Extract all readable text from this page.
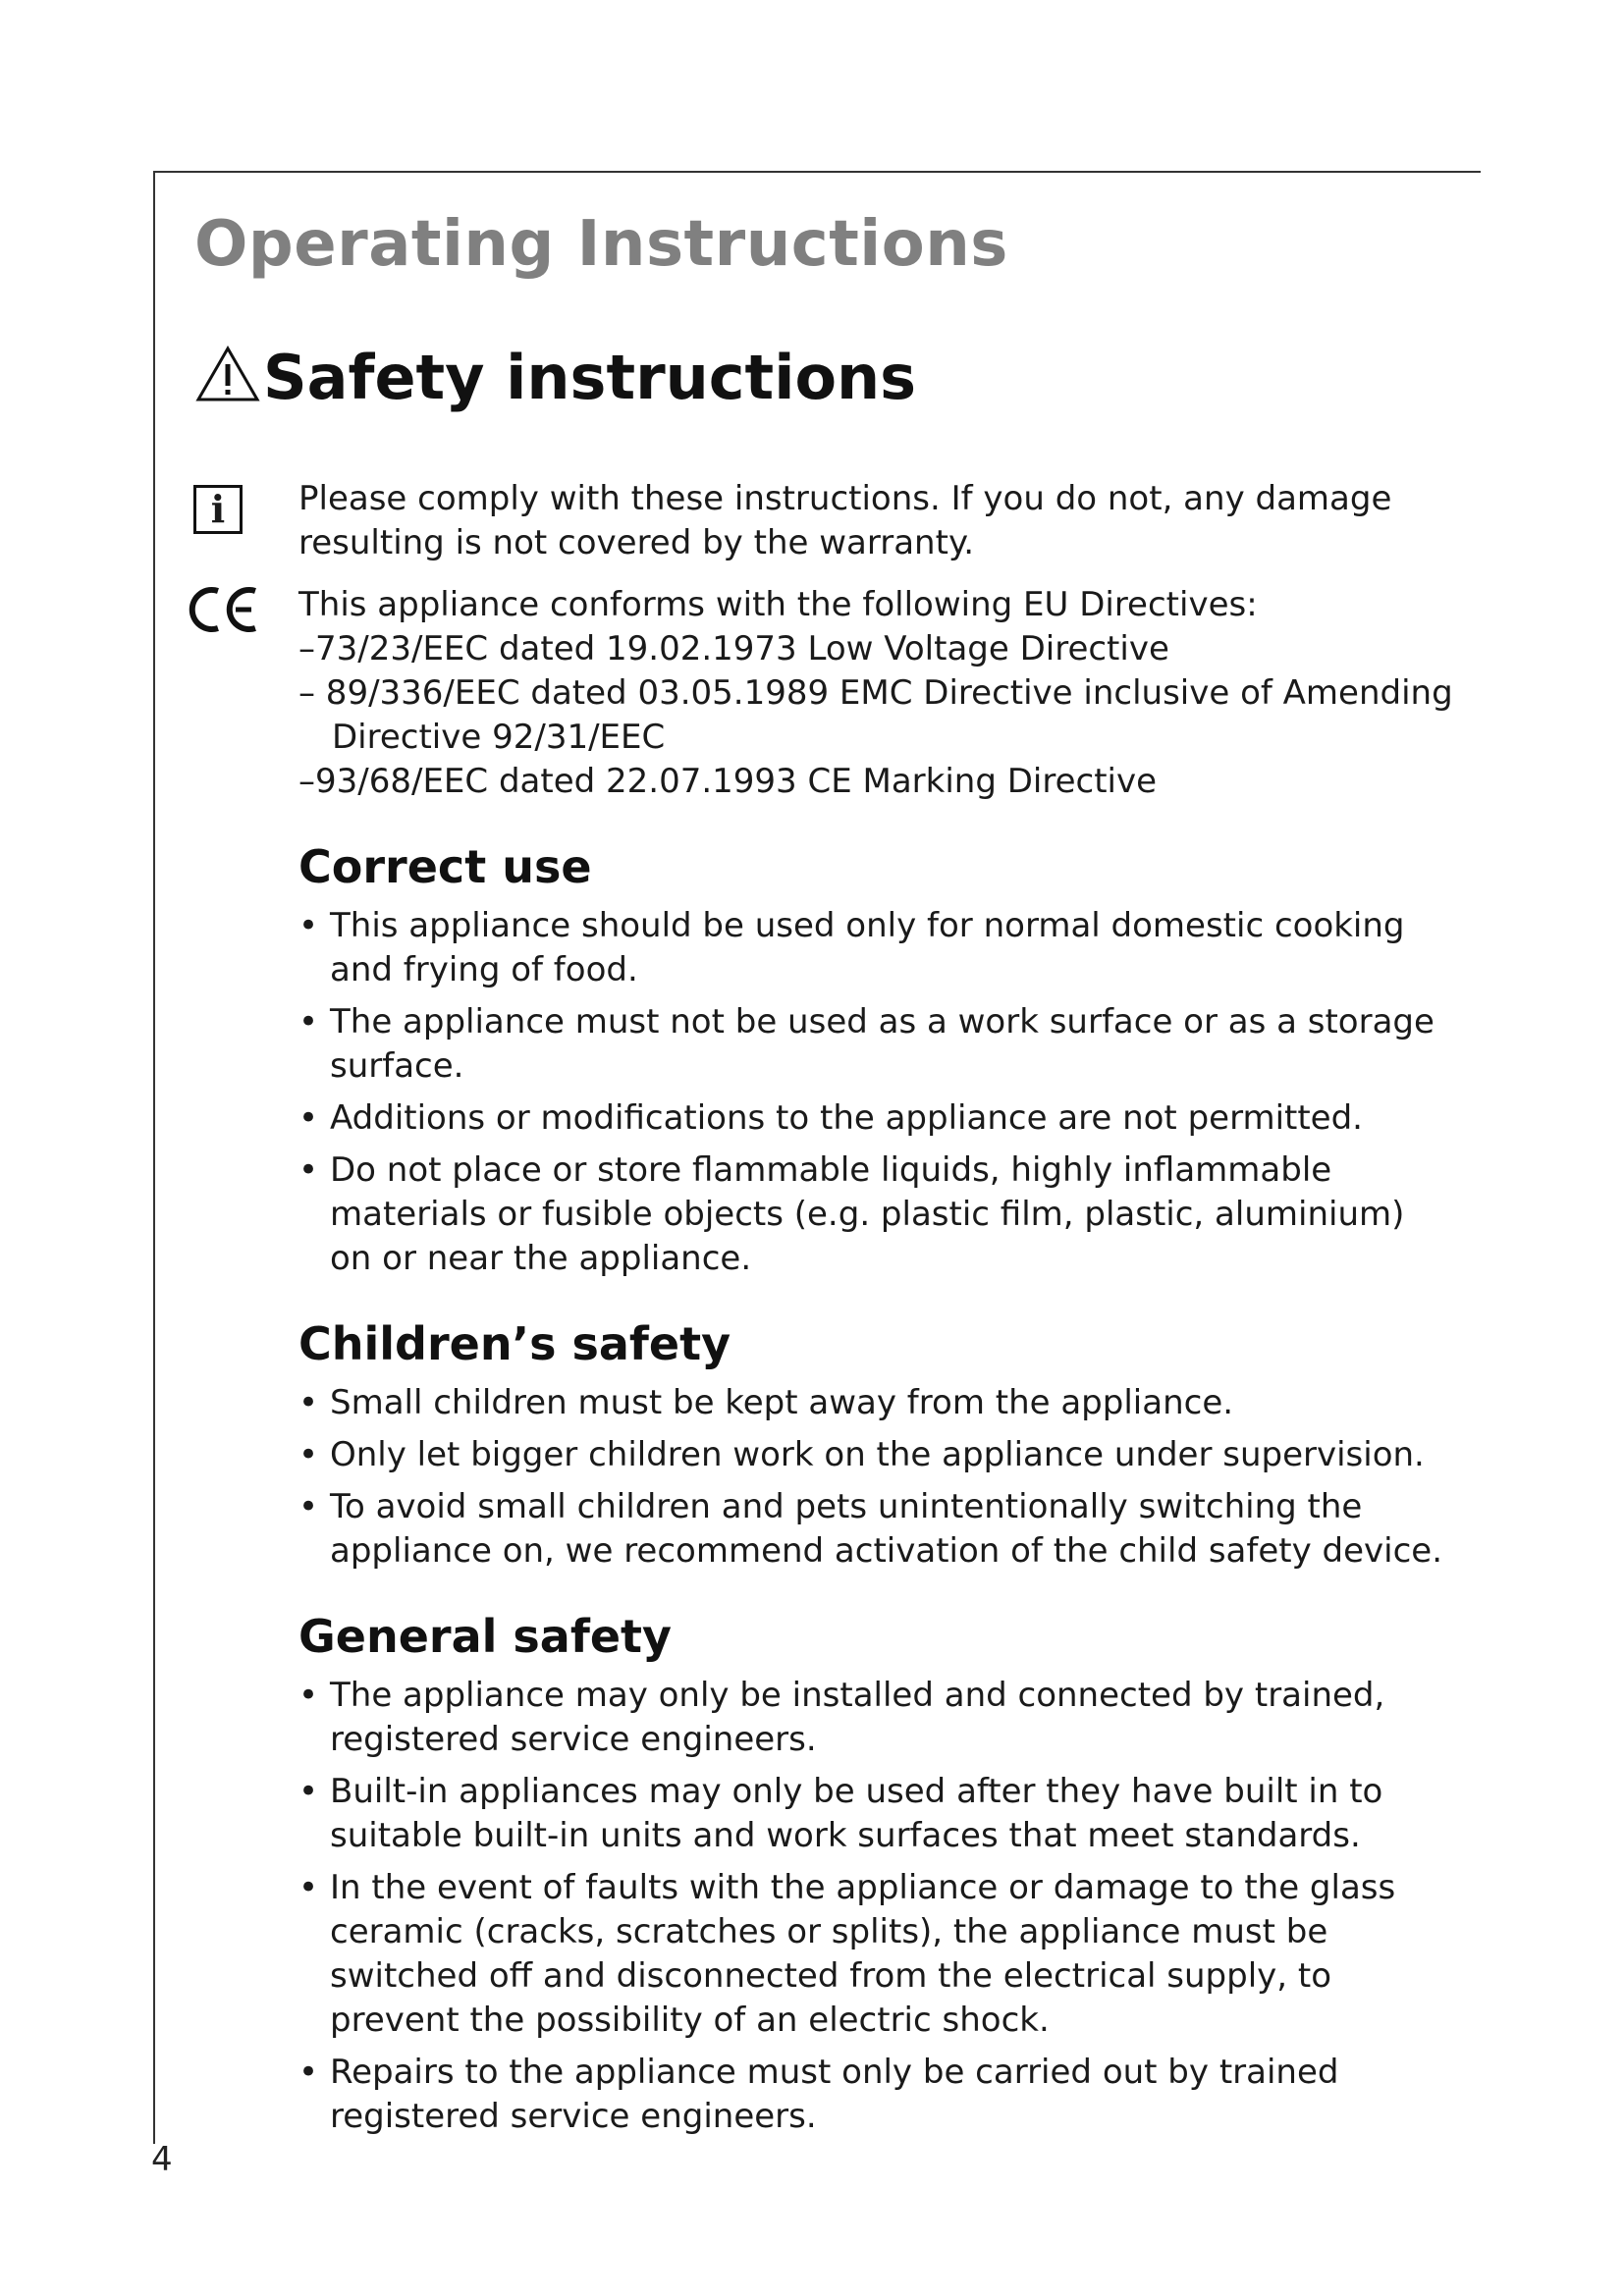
Operating Instructions
Safety instructions
i	Please comply with these instructions. If you do not, any damage resulting is not covered by the warranty.

This appliance conforms with the following EU Directives:

–73/23/EEC dated 19.02.1973 Low Voltage Directive

– 89/336/EEC dated 03.05.1989 EMC Directive inclusive of Amending

Directive 92/31/EEC

–93/68/EEC dated 22.07.1993 CE Marking Directive

Correct use
• This appliance should be used only for normal domestic cooking and frying of food.
• The appliance must not be used as a work surface or as a storage surface.
• Additions or modifications to the appliance are not permitted.
• Do not place or store flammable liquids, highly inflammable materials or fusible objects (e.g. plastic film, plastic, aluminium) on or near the appliance.
Children’s safety
• Small children must be kept away from the appliance.
• Only let bigger children work on the appliance under supervision.
• To avoid small children and pets unintentionally switching the appliance on, we recommend activation of the child safety device.
General safety
• The appliance may only be installed and connected by trained, registered service engineers.
• Built-in appliances may only be used after they have built in to suitable built-in units and work surfaces that meet standards.
• In the event of faults with the appliance or damage to the glass ceramic (cracks, scratches or splits), the appliance must be switched off and disconnected from the electrical supply, to prevent the possibility of an electric shock.
• Repairs to the appliance must only be carried out by trained registered service engineers.
4
